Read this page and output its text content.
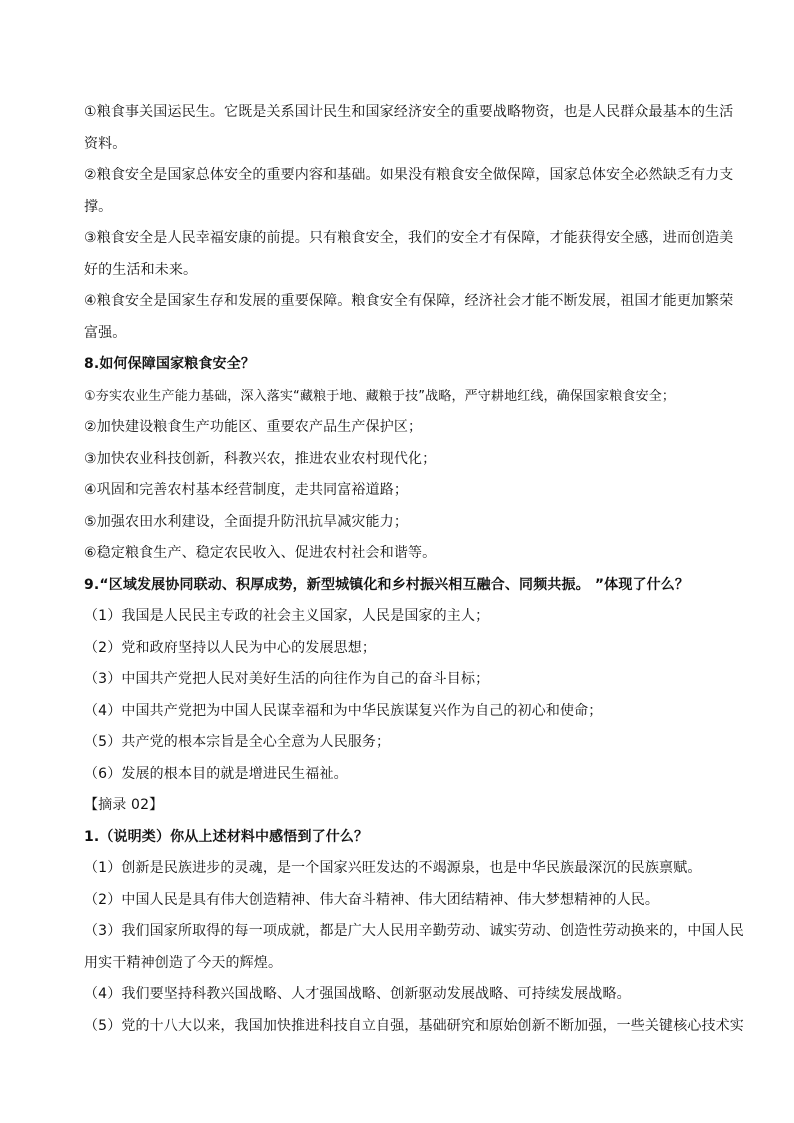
①粮食事关国运民生。它既是关系国计民生和国家经济安全的重要战略物资，也是人民群众最基本的生活
资料。
②粮食安全是国家总体安全的重要内容和基础。如果没有粮食安全做保障，国家总体安全必然缺乏有力支
撑。
③粮食安全是人民幸福安康的前提。只有粮食安全，我们的安全才有保障，才能获得安全感，进而创造美
好的生活和未来。
④粮食安全是国家生存和发展的重要保障。粮食安全有保障，经济社会才能不断发展，祖国才能更加繁荣
富强。
8.如何保障国家粮食安全？
①夯实农业生产能力基础，深入落实“藏粮于地、藏粮于技”战略，严守耕地红线，确保国家粮食安全；
②加快建设粮食生产功能区、重要农产品生产保护区；
③加快农业科技创新，科教兴农，推进农业农村现代化；
④巩固和完善农村基本经营制度，走共同富裕道路；
⑤加强农田水利建设，全面提升防汛抗旱减灾能力；
⑥稳定粮食生产、稳定农民收入、促进农村社会和谐等。
9.“区域发展协同联动、积厚成势，新型城镇化和乡村振兴相互融合、同频共振。 ”体现了什么？
（1）我国是人民民主专政的社会主义国家，人民是国家的主人；
（2）党和政府坚持以人民为中心的发展思想；
（3）中国共产党把人民对美好生活的向往作为自己的奋斗目标；
（4）中国共产党把为中国人民谋幸福和为中华民族谋复兴作为自己的初心和使命；
（5）共产党的根本宗旨是全心全意为人民服务；
（6）发展的根本目的就是增进民生福祉。
【摘录 02】
1.（说明类）你从上述材料中感悟到了什么？
（1）创新是民族进步的灵魂，是一个国家兴旺发达的不竭源泉，也是中华民族最深沉的民族禀赋。
（2）中国人民是具有伟大创造精神、伟大奋斗精神、伟大团结精神、伟大梦想精神的人民。
（3）我们国家所取得的每一项成就，都是广大人民用辛勤劳动、诚实劳动、创造性劳动换来的，中国人民
用实干精神创造了今天的辉煌。
（4）我们要坚持科教兴国战略、人才强国战略、创新驱动发展战略、可持续发展战略。
（5）党的十八大以来，我国加快推进科技自立自强，基础研究和原始创新不断加强，一些关键核心技术实
